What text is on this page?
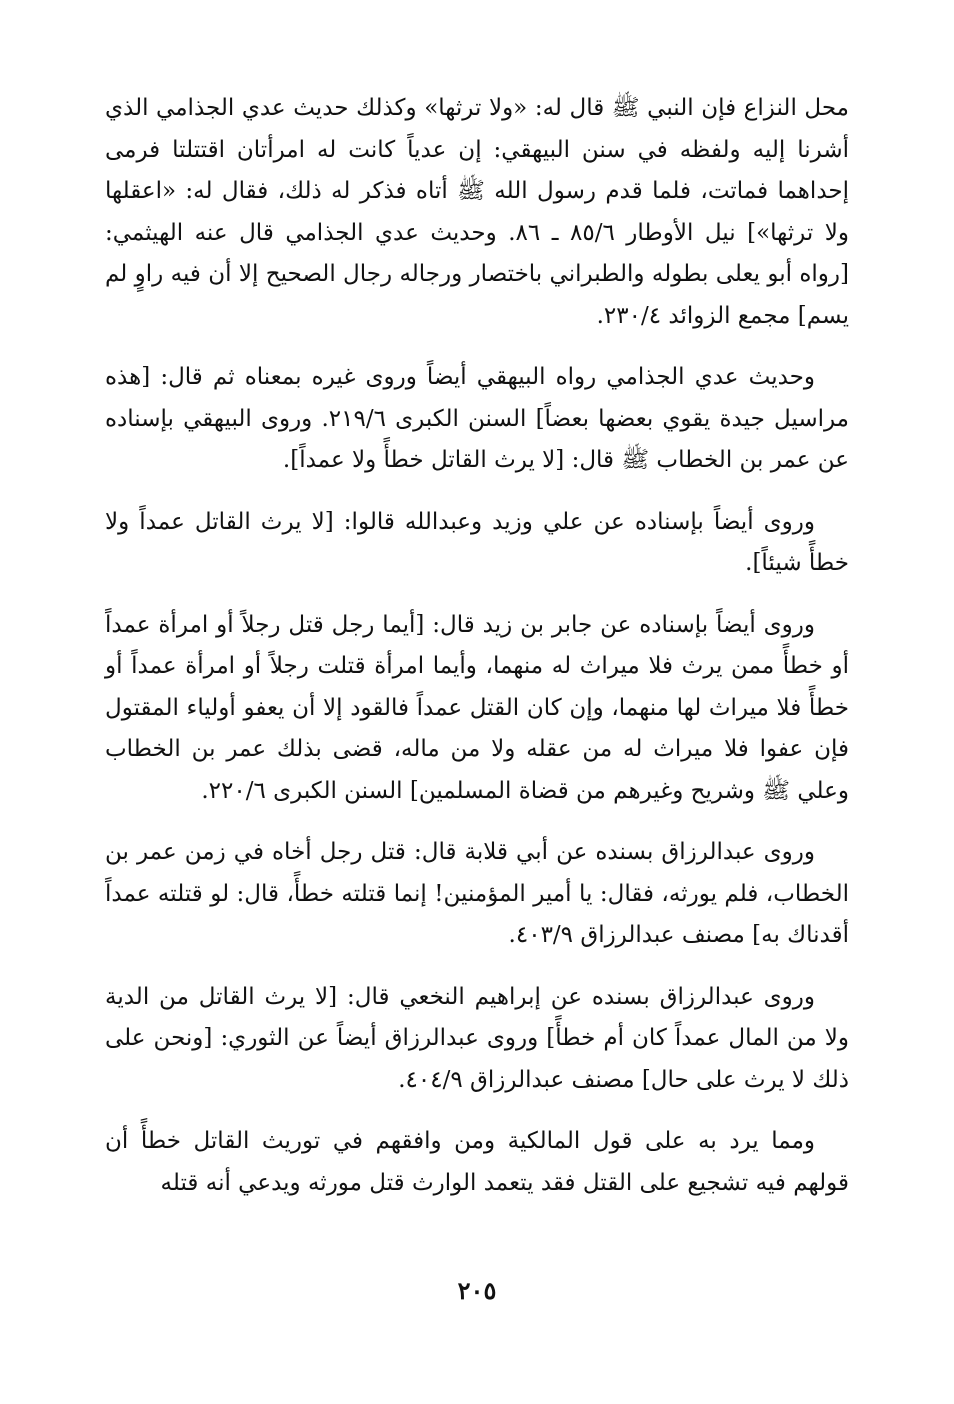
محل النزاع فإن النبي ﷺ قال له: «ولا ترثها» وكذلك حديث عدي الجذامي الذي أشرنا إليه ولفظه في سنن البيهقي: إن عدياً كانت له امرأتان اقتتلتا فرمى إحداهما فماتت، فلما قدم رسول الله ﷺ أتاه فذكر له ذلك، فقال له: «اعقلها ولا ترثها»] نيل الأوطار ٨٥/٦ ـ ٨٦. وحديث عدي الجذامي قال عنه الهيثمي: [رواه أبو يعلى بطوله والطبراني باختصار ورجاله رجال الصحيح إلا أن فيه راوٍ لم يسم] مجمع الزوائد ٢٣٠/٤.

وحديث عدي الجذامي رواه البيهقي أيضاً وروى غيره بمعناه ثم قال: [هذه مراسيل جيدة يقوي بعضها بعضاً] السنن الكبرى ٢١٩/٦. وروى البيهقي بإسناده عن عمر بن الخطاب ﷺ قال: [لا يرث القاتل خطأً ولا عمداً].

وروى أيضاً بإسناده عن علي وزيد وعبدالله قالوا: [لا يرث القاتل عمداً ولا خطأً شيئاً].

وروى أيضاً بإسناده عن جابر بن زيد قال: [أيما رجل قتل رجلاً أو امرأة عمداً أو خطأً ممن يرث فلا ميراث له منهما، وأيما امرأة قتلت رجلاً أو امرأة عمداً أو خطأً فلا ميراث لها منهما، وإن كان القتل عمداً فالقود إلا أن يعفو أولياء المقتول فإن عفوا فلا ميراث له من عقله ولا من ماله، قضى بذلك عمر بن الخطاب وعلي ﷺ وشريح وغيرهم من قضاة المسلمين] السنن الكبرى ٢٢٠/٦.

وروى عبدالرزاق بسنده عن أبي قلابة قال: قتل رجل أخاه في زمن عمر بن الخطاب، فلم يورثه، فقال: يا أمير المؤمنين! إنما قتلته خطأً، قال: لو قتلته عمداً أقدناك به] مصنف عبدالرزاق ٤٠٣/٩.

وروى عبدالرزاق بسنده عن إبراهيم النخعي قال: [لا يرث القاتل من الدية ولا من المال عمداً كان أم خطأً] وروى عبدالرزاق أيضاً عن الثوري: [ونحن على ذلك لا يرث على حال] مصنف عبدالرزاق ٤٠٤/٩.

ومما يرد به على قول المالكية ومن وافقهم في توريث القاتل خطأً أن قولهم فيه تشجيع على القتل فقد يتعمد الوارث قتل مورثه ويدعي أنه قتله

٢٠٥
